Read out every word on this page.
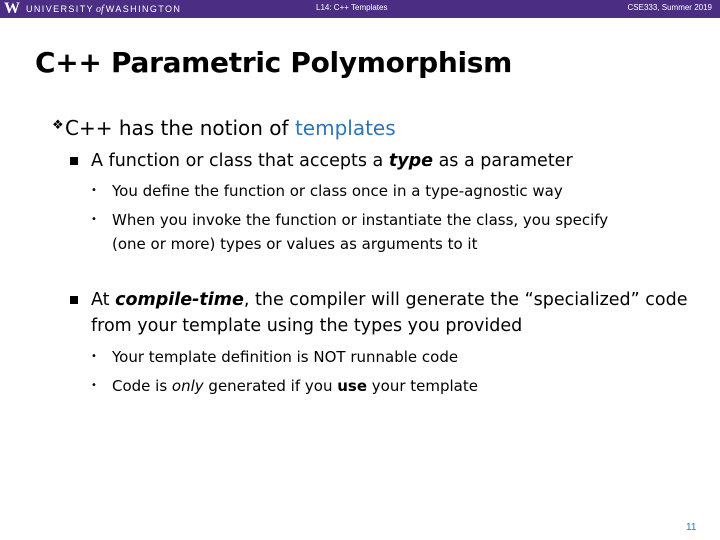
W UNIVERSITY of WASHINGTON	L14: C++ Templates	CSE333, Summer 2019
C++ Parametric Polymorphism
❖ C++ has the notion of templates
A function or class that accepts a type as a parameter
• You define the function or class once in a type-agnostic way
• When you invoke the function or instantiate the class, you specify
(one or more) types or values as arguments to it
At compile-time, the compiler will generate the “specialized” code
from your template using the types you provided
• Your template definition is NOT runnable code
• Code is only generated if you use your template
11
